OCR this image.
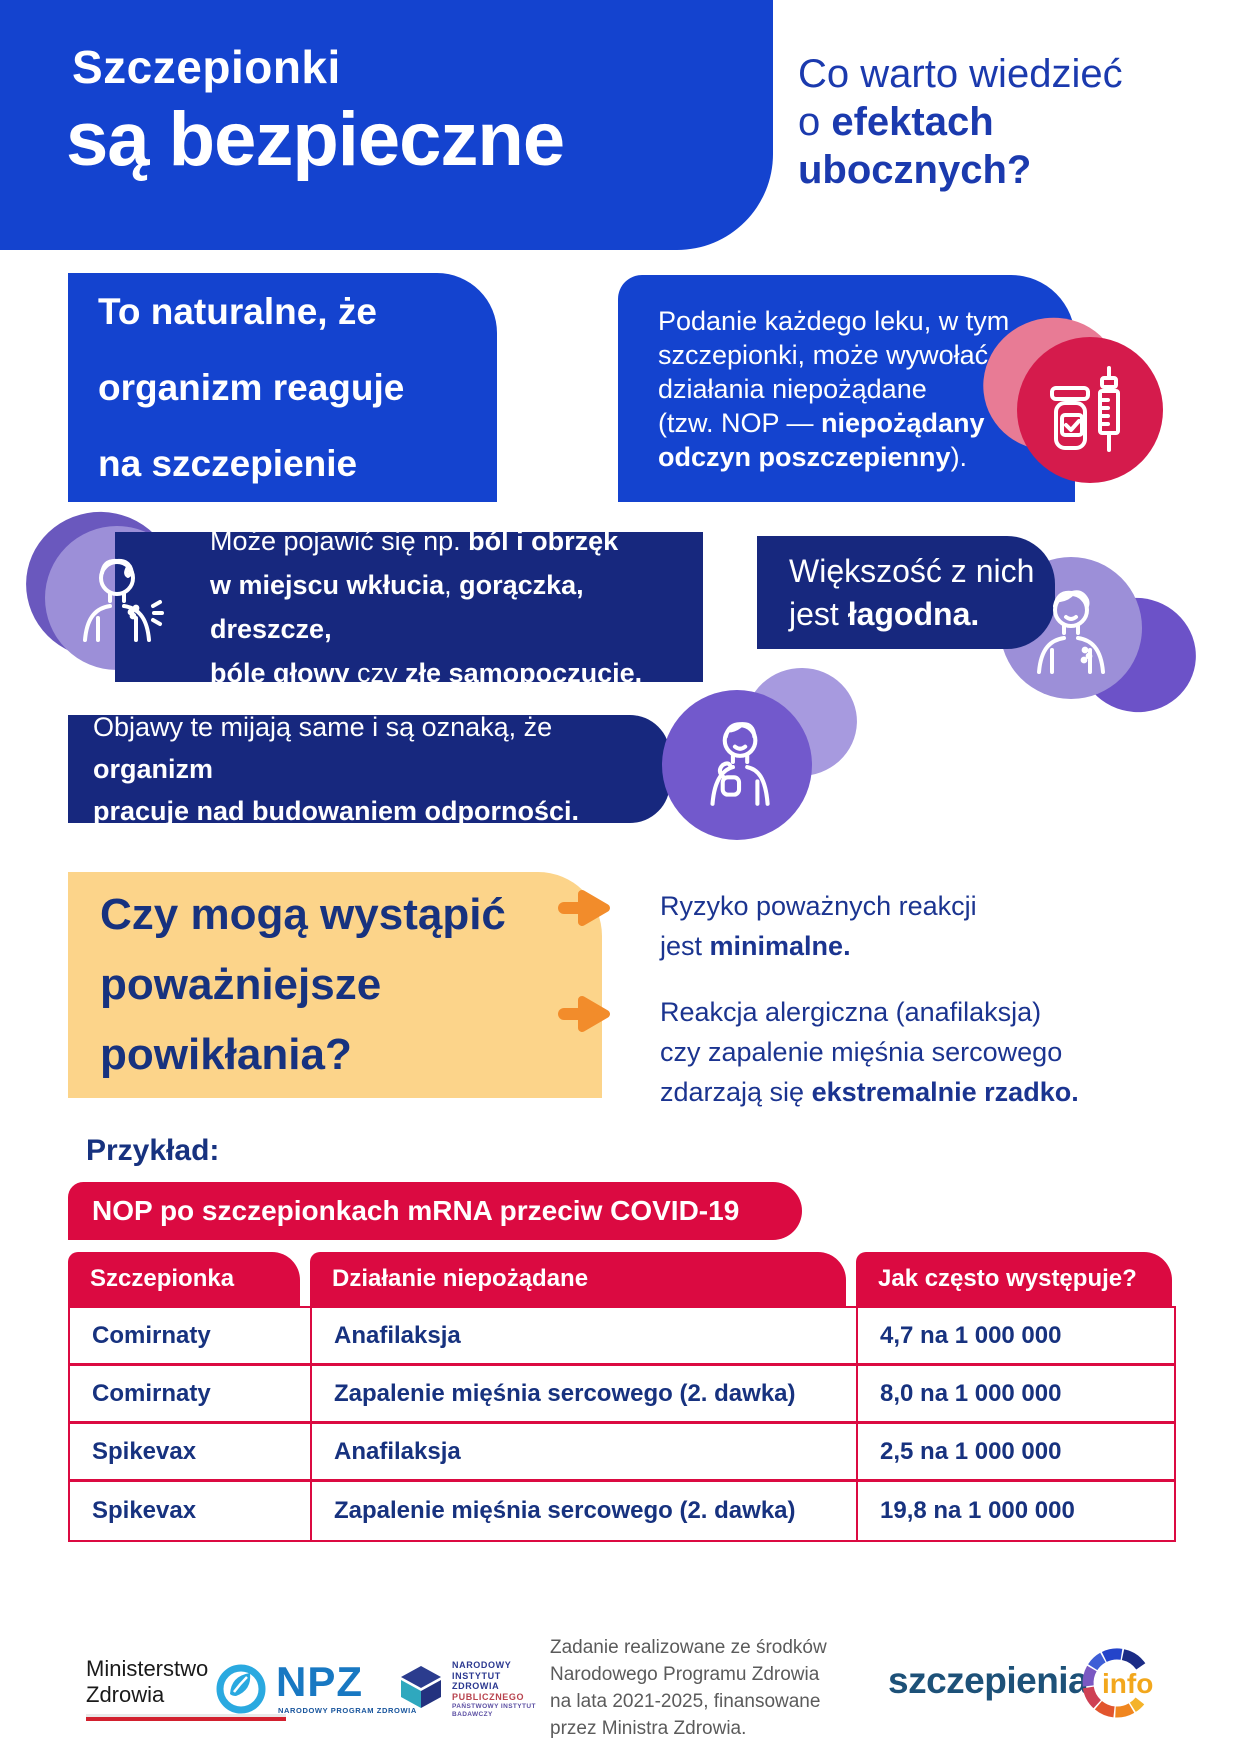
Szczepionki
są bezpieczne
Co warto wiedzieć
o efektach
ubocznych?
To naturalne, że
organizm reaguje
na szczepienie
Podanie każdego leku, w tym
szczepionki, może wywołać
działania niepożądane
(tzw. NOP — niepożądany
odczyn poszczepienny).
Może pojawić się np. ból i obrzęk
w miejscu wkłucia, gorączka, dreszcze,
bóle głowy czy złe samopoczucie.
Większość z nich
jest łagodna.
Objawy te mijają same i są oznaką, że organizm
pracuje nad budowaniem odporności.
Czy mogą wystąpić
poważniejsze
powikłania?
Ryzyko poważnych reakcji
jest minimalne.
Reakcja alergiczna (anafilaksja)
czy zapalenie mięśnia sercowego
zdarzają się ekstremalnie rzadko.
Przykład:
NOP po szczepionkach mRNA przeciw COVID-19
Szczepionka	Działanie niepożądane	Jak często występuje?
Comirnaty	Anafilaksja	4,7 na 1 000 000
Comirnaty	Zapalenie mięśnia sercowego (2. dawka)	8,0 na 1 000 000
Spikevax	Anafilaksja	2,5 na 1 000 000
Spikevax	Zapalenie mięśnia sercowego (2. dawka)	19,8 na 1 000 000
Ministerstwo
Zdrowia	NPZ
NARODOWY PROGRAM ZDROWIA
NARODOWY
INSTYTUT
ZDROWIA
PUBLICZNEGO
PAŃSTWOWY INSTYTUT
BADAWCZY
Zadanie realizowane ze środków
Narodowego Programu Zdrowia
na lata 2021-2025, finansowane
przez Ministra Zdrowia.
szczepienia info
